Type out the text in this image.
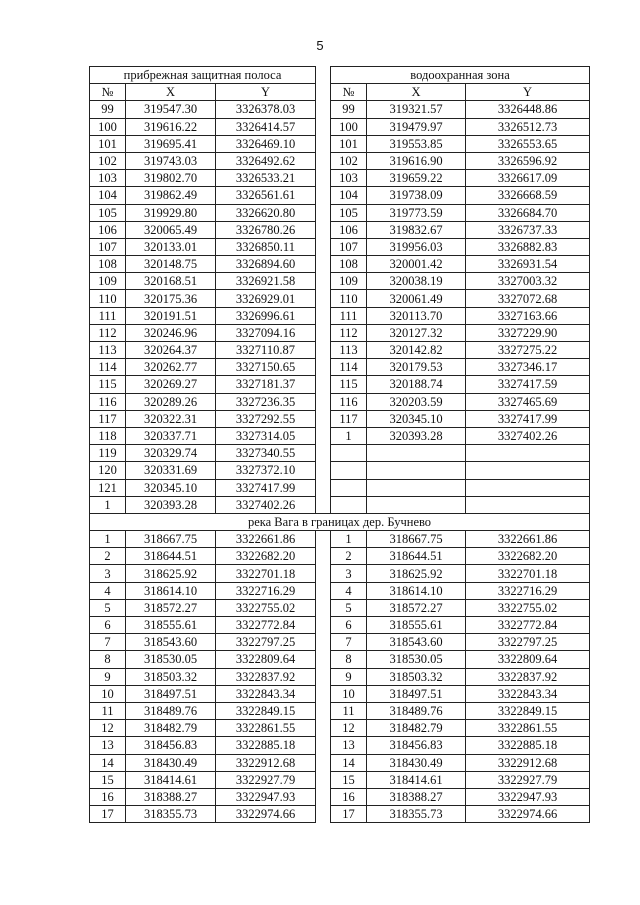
5
прибрежная защитная полоса				водоохранная зона		
№	X	Y		№	X	Y
99	319547.30	3326378.03		99	319321.57	3326448.86
100	319616.22	3326414.57		100	319479.97	3326512.73
101	319695.41	3326469.10		101	319553.85	3326553.65
102	319743.03	3326492.62		102	319616.90	3326596.92
103	319802.70	3326533.21		103	319659.22	3326617.09
104	319862.49	3326561.61		104	319738.09	3326668.59
105	319929.80	3326620.80		105	319773.59	3326684.70
106	320065.49	3326780.26		106	319832.67	3326737.33
107	320133.01	3326850.11		107	319956.03	3326882.83
108	320148.75	3326894.60		108	320001.42	3326931.54
109	320168.51	3326921.58		109	320038.19	3327003.32
110	320175.36	3326929.01		110	320061.49	3327072.68
111	320191.51	3326996.61		111	320113.70	3327163.66
112	320246.96	3327094.16		112	320127.32	3327229.90
113	320264.37	3327110.87		113	320142.82	3327275.22
114	320262.77	3327150.65		114	320179.53	3327346.17
115	320269.27	3327181.37		115	320188.74	3327417.59
116	320289.26	3327236.35		116	320203.59	3327465.69
117	320322.31	3327292.55		117	320345.10	3327417.99
118	320337.71	3327314.05		1	320393.28	3327402.26
119	320329.74	3327340.55				
120	320331.69	3327372.10				
121	320345.10	3327417.99				
1	320393.28	3327402.26				
река Вага в границах дер. Бучнево						
1	318667.75	3322661.86		1	318667.75	3322661.86
2	318644.51	3322682.20		2	318644.51	3322682.20
3	318625.92	3322701.18		3	318625.92	3322701.18
4	318614.10	3322716.29		4	318614.10	3322716.29
5	318572.27	3322755.02		5	318572.27	3322755.02
6	318555.61	3322772.84		6	318555.61	3322772.84
7	318543.60	3322797.25		7	318543.60	3322797.25
8	318530.05	3322809.64		8	318530.05	3322809.64
9	318503.32	3322837.92		9	318503.32	3322837.92
10	318497.51	3322843.34		10	318497.51	3322843.34
11	318489.76	3322849.15		11	318489.76	3322849.15
12	318482.79	3322861.55		12	318482.79	3322861.55
13	318456.83	3322885.18		13	318456.83	3322885.18
14	318430.49	3322912.68		14	318430.49	3322912.68
15	318414.61	3322927.79		15	318414.61	3322927.79
16	318388.27	3322947.93		16	318388.27	3322947.93
17	318355.73	3322974.66		17	318355.73	3322974.66
